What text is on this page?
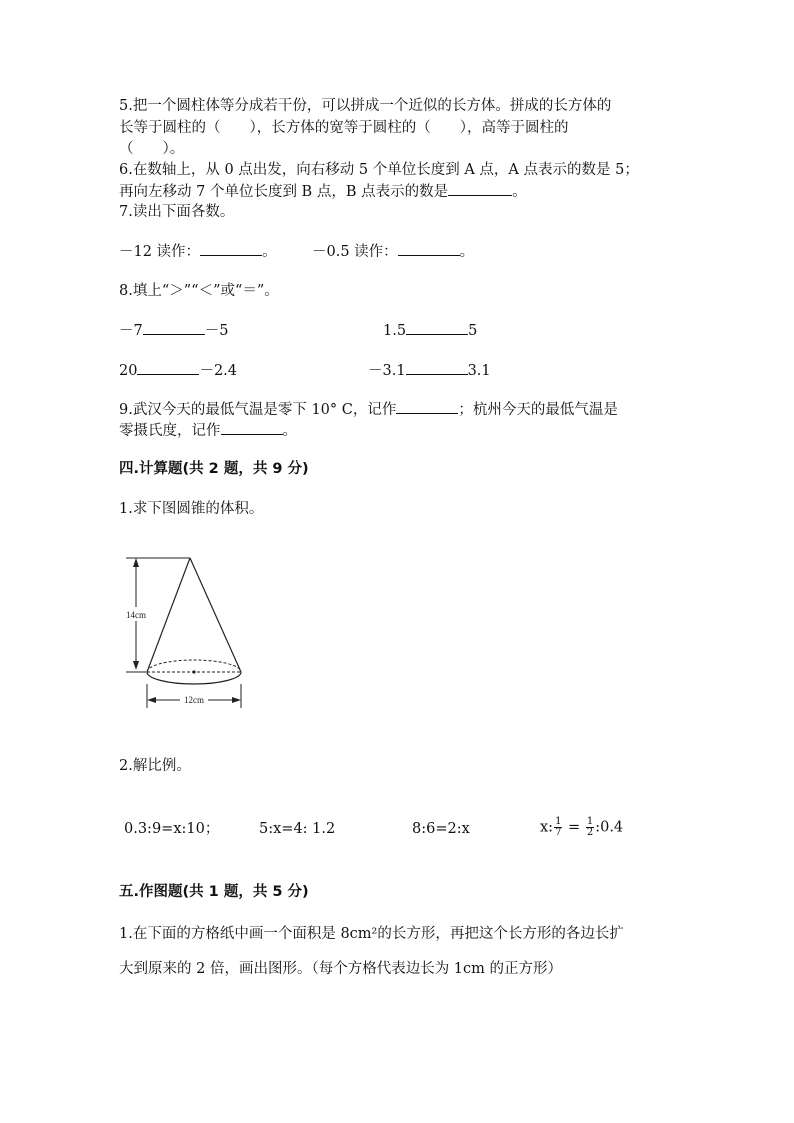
5.把一个圆柱体等分成若干份，可以拼成一个近似的长方体。拼成的长方体的
长等于圆柱的（　　），长方体的宽等于圆柱的（　　），高等于圆柱的
（　　）。
6.在数轴上，从 0 点出发，向右移动 5 个单位长度到 A 点，A 点表示的数是 5；
再向左移动 7 个单位长度到 B 点，B 点表示的数是	。
7.读出下面各数。
－12 读作：	。 －0.5 读作：	。
8.填上“＞”“＜”或“＝”。
－7	－5	1.5	5
20	－2.4	－3.1	3.1
9.武汉今天的最低气温是零下 10° C，记作	；杭州今天的最低气温是
零摄氏度，记作	。
四.计算题(共 2 题，共 9 分)
1.求下图圆锥的体积。
14cm
12cm
2.解比例。
0.3:9=x:10；	5:x=4: 1.2	8:6=2:x	x: $\frac{1}{7} = \frac{1}{2}$ :0.4
五.作图题(共 1 题，共 5 分)
1.在下面的方格纸中画一个面积是 8cm²的长方形，再把这个长方形的各边长扩
大到原来的 2 倍，画出图形。（每个方格代表边长为 1cm 的正方形）
